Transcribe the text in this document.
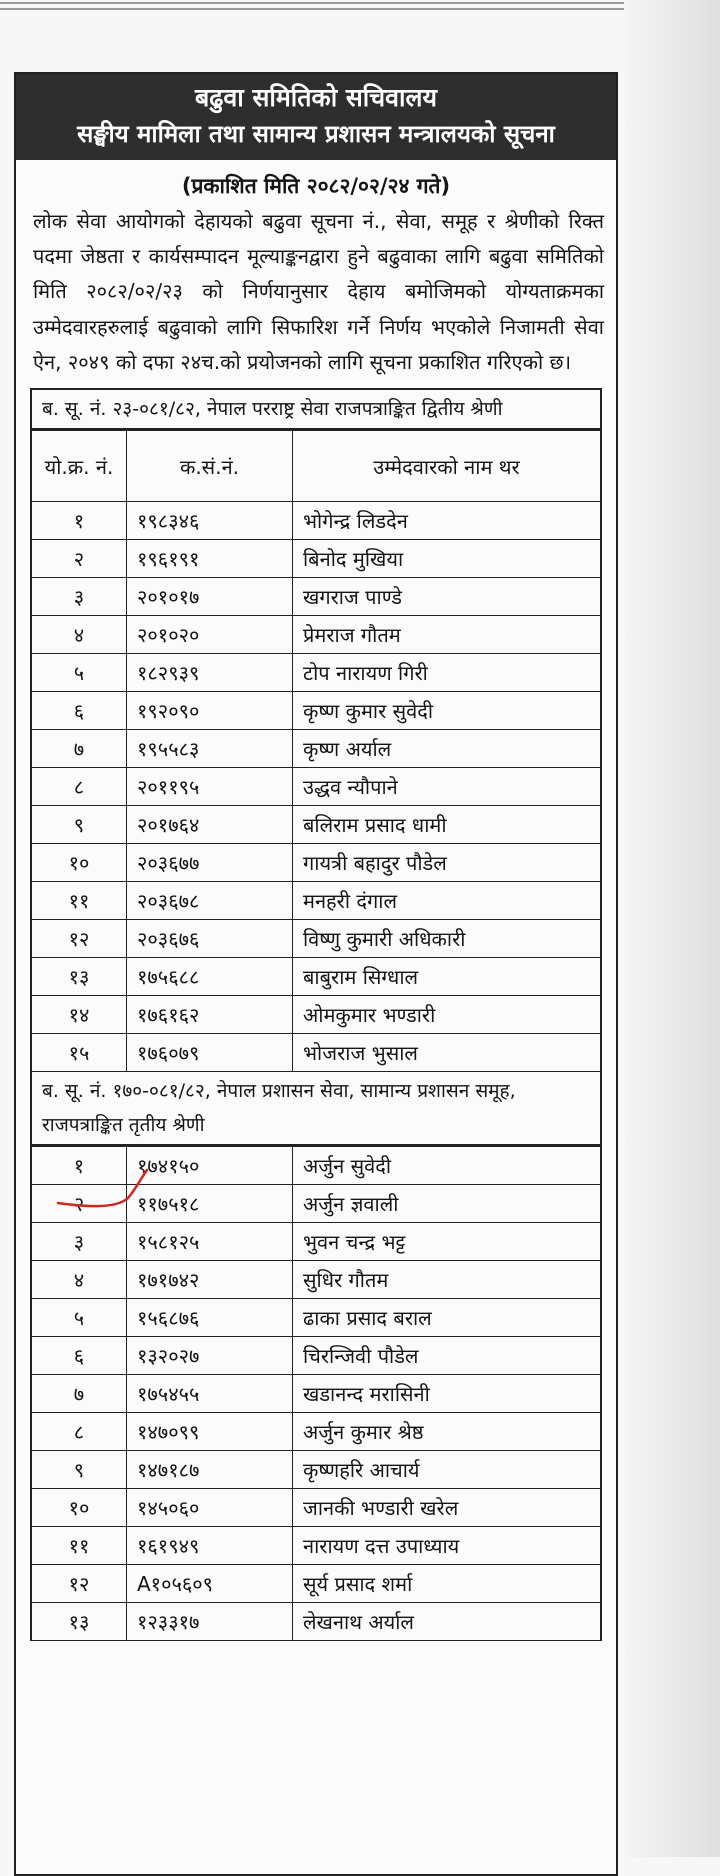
बढुवा समितिको सचिवालय
सङ्घीय मामिला तथा सामान्य प्रशासन मन्त्रालयको सूचना
(प्रकाशित मिति २०८२/०२/२४ गते)

लोक सेवा आयोगको देहायको बढुवा सूचना नं., सेवा, समूह र श्रेणीको रिक्त पदमा जेष्ठता र कार्यसम्पादन मूल्याङ्कनद्वारा हुने बढुवाका लागि बढुवा समितिको मिति २०८२/०२/२३ को निर्णयानुसार देहाय बमोजिमको योग्यताक्रमका उम्मेदवारहरुलाई बढुवाको लागि सिफारिश गर्ने निर्णय भएकोले निजामती सेवा ऐन, २०४९ को दफा २४च.को प्रयोजनको लागि सूचना प्रकाशित गरिएको छ।

ब. सू. नं. २३-०८१/८२, नेपाल परराष्ट्र सेवा राजपत्राङ्कित द्वितीय श्रेणी
यो.क्र. नं.	क.सं.नं.	उम्मेदवारको नाम थर
१	१९८३४६	भोगेन्द्र लिडदेन
२	१९६१९१	बिनोद मुखिया
३	२०१०१७	खगराज पाण्डे
४	२०१०२०	प्रेमराज गौतम
५	१८२९३९	टोप नारायण गिरी
६	१९२०९०	कृष्ण कुमार सुवेदी
७	१९५५८३	कृष्ण अर्याल
८	२०११९५	उद्धव न्यौपाने
९	२०१७६४	बलिराम प्रसाद धामी
१०	२०३६७७	गायत्री बहादुर पौडेल
११	२०३६७८	मनहरी दंगाल
१२	२०३६७६	विष्णु कुमारी अधिकारी
१३	१७५६८८	बाबुराम सिग्धाल
१४	१७६१६२	ओमकुमार भण्डारी
१५	१७६०७९	भोजराज भुसाल
ब. सू. नं. १७०-०८१/८२, नेपाल प्रशासन सेवा, सामान्य प्रशासन समूह, राजपत्राङ्कित तृतीय श्रेणी
१	१७४१५०	अर्जुन सुवेदी
२	११७५१८	अर्जुन ज्ञवाली
३	१५८१२५	भुवन चन्द्र भट्ट
४	१७१७४२	सुधिर गौतम
५	१५६८७६	ढाका प्रसाद बराल
६	१३२०२७	चिरन्जिवी पौडेल
७	१७५४५५	खडानन्द मरासिनी
८	१४७०९९	अर्जुन कुमार श्रेष्ठ
९	१४७१८७	कृष्णहरि आचार्य
१०	१४५०६०	जानकी भण्डारी खरेल
११	१६१९४९	नारायण दत्त उपाध्याय
१२	A१०५६०९	सूर्य प्रसाद शर्मा
१३	१२३३१७	लेखनाथ अर्याल
